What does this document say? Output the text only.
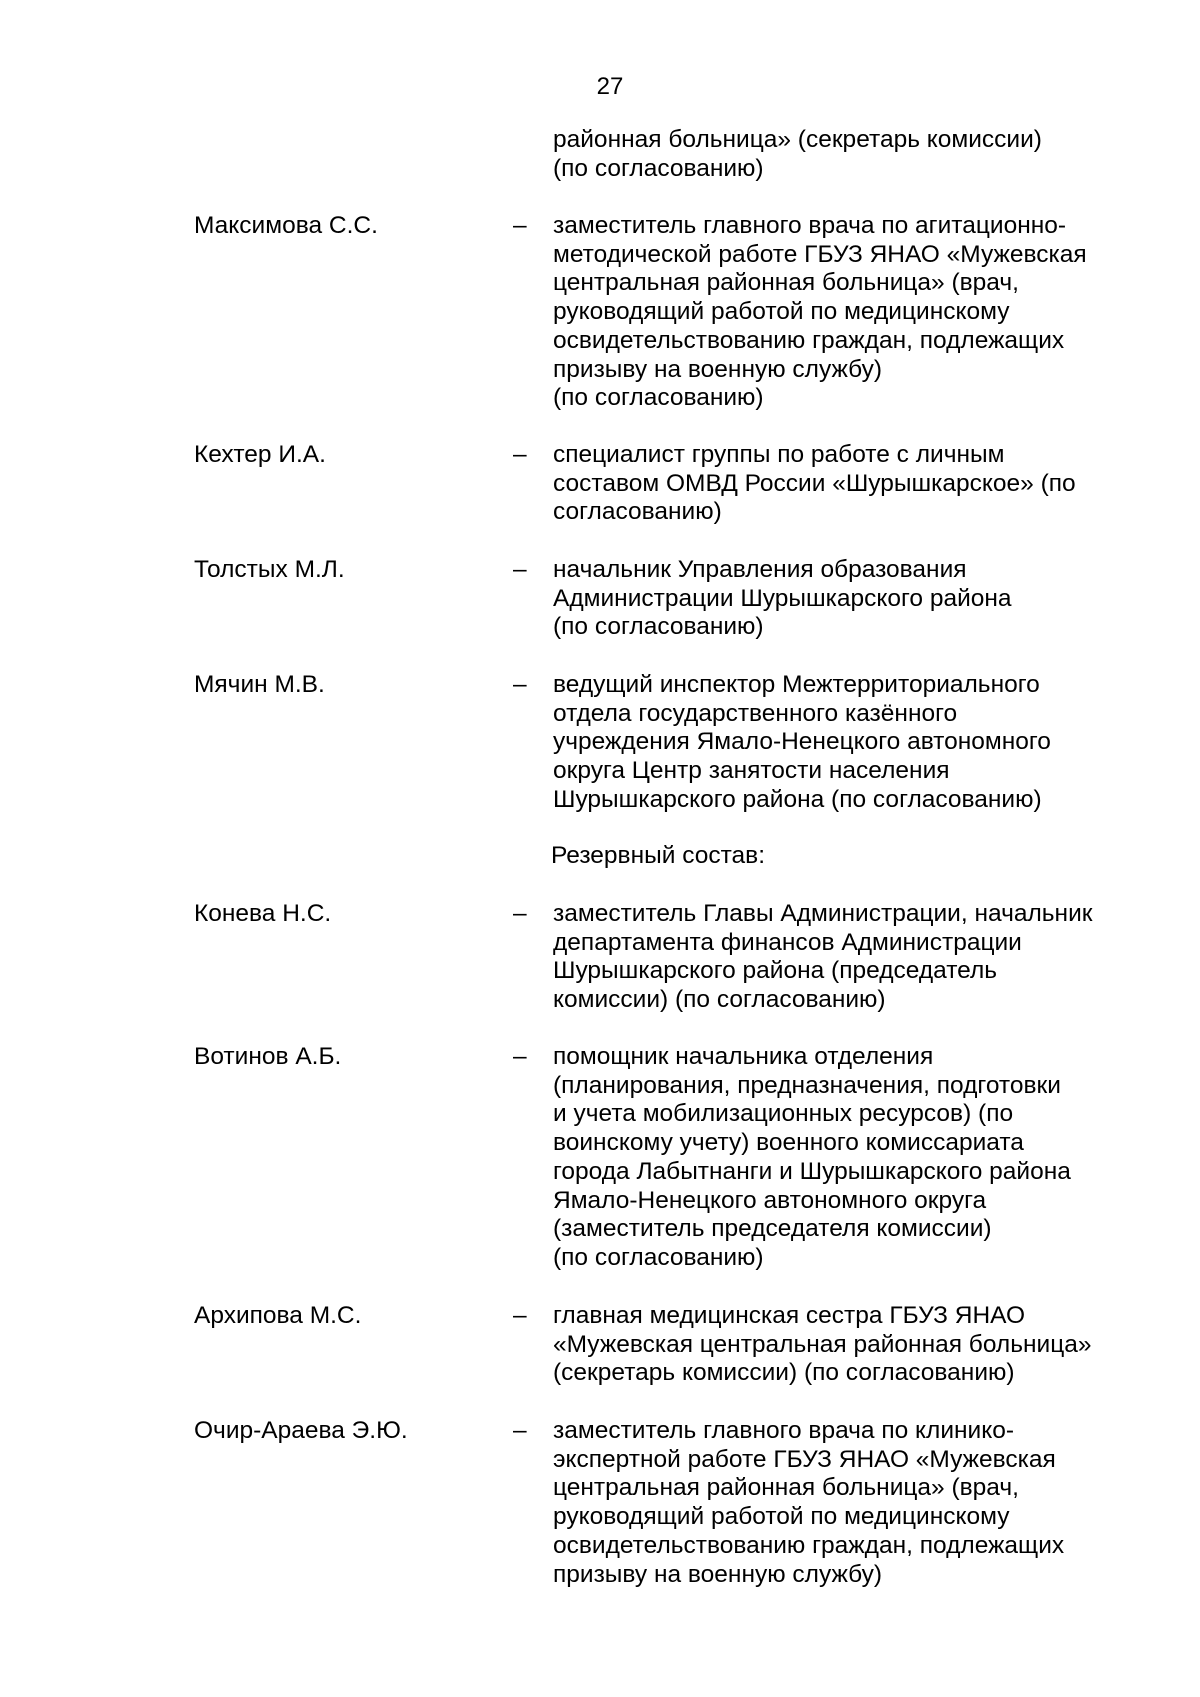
27
районная больница» (секретарь комиссии)
(по согласованию)
Максимова С.С.	– заместитель главного врача по агитационно-
методической работе ГБУЗ ЯНАО «Мужевская
центральная районная больница» (врач,
руководящий работой по медицинскому
освидетельствованию граждан, подлежащих
призыву на военную службу)
(по согласованию)
Кехтер И.А.	– специалист группы по работе с личным
составом ОМВД России «Шурышкарское» (по
согласованию)
Толстых М.Л.	– начальник Управления образования
Администрации Шурышкарского района
(по согласованию)
Мячин М.В.	– ведущий инспектор Межтерриториального
отдела государственного казённого
учреждения Ямало-Ненецкого автономного
округа Центр занятости населения
Шурышкарского района (по согласованию)
Резервный состав:
Конева Н.С.	– заместитель Главы Администрации, начальник
департамента финансов Администрации
Шурышкарского района (председатель
комиссии) (по согласованию)
Вотинов А.Б.	– помощник начальника отделения
(планирования, предназначения, подготовки
и учета мобилизационных ресурсов) (по
воинскому учету) военного комиссариата
города Лабытнанги и Шурышкарского района
Ямало-Ненецкого автономного округа
(заместитель председателя комиссии)
(по согласованию)
Архипова М.С.	– главная медицинская сестра ГБУЗ ЯНАО
«Мужевская центральная районная больница»
(секретарь комиссии) (по согласованию)
Очир-Араева Э.Ю.	– заместитель главного врача по клинико-
экспертной работе ГБУЗ ЯНАО «Мужевская
центральная районная больница» (врач,
руководящий работой по медицинскому
освидетельствованию граждан, подлежащих
призыву на военную службу)
